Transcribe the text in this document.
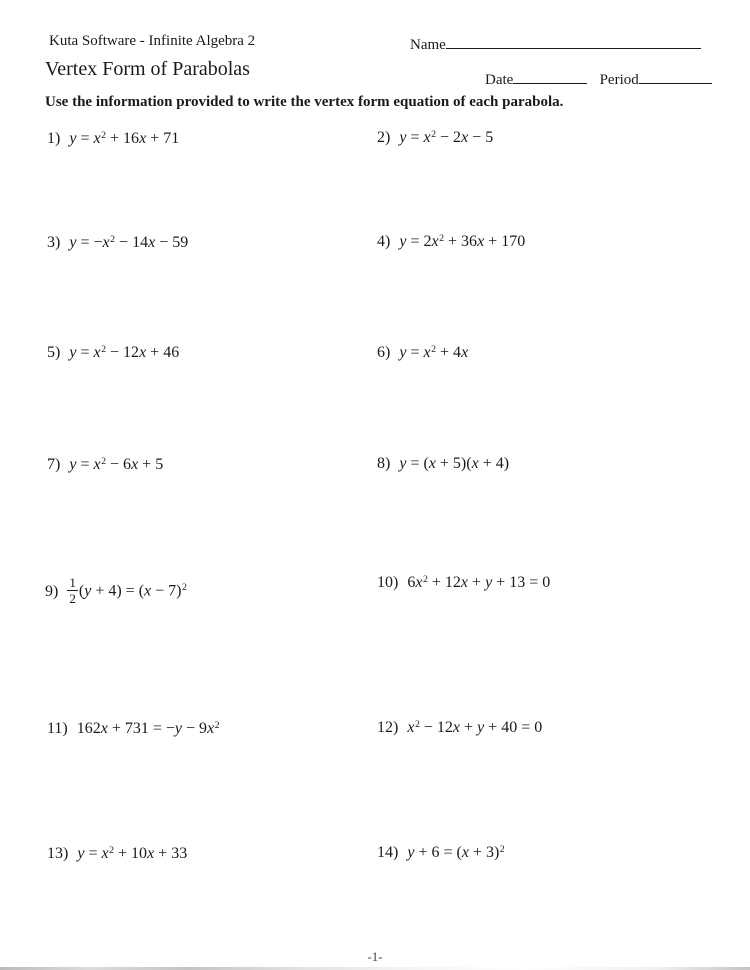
Kuta Software - Infinite Algebra 2	Name
Vertex Form of Parabolas	Date	Period
Use the information provided to write the vertex form equation of each parabola.
1) $y = x^2 + 16x + 71$	2) $y = x^2 - 2x - 5$
3) $y = -x^2 - 14x - 59$	4) $y = 2x^2 + 36x + 170$
5) $y = x^2 - 12x + 46$	6) $y = x^2 + 4x$
7) $y = x^2 - 6x + 5$	8) y = (x + 5)(x + 4)
$9) \frac{1}{2} (y + 4) = (x - 7)^2$	10) $6x^2 + 12x + y + 13 = 0$
11) $162x + 731 = -y - 9x^2$	12) $x^2 - 12x + y + 40 = 0$
13) $y = x^2 + 10x + 33$	14) $y + 6 = (x + 3)^2$
-1-
